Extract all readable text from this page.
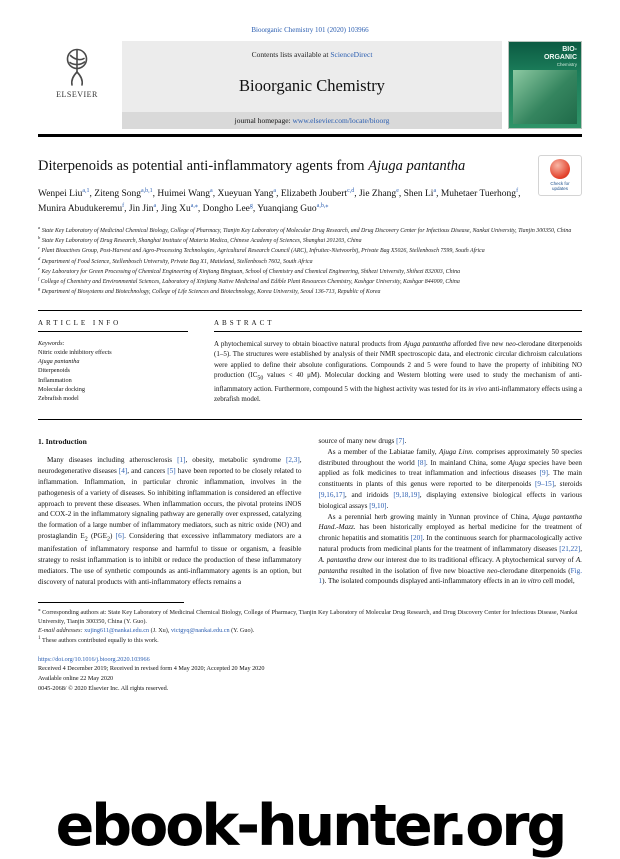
Bioorganic Chemistry 101 (2020) 103966
ELSEVIER
Contents lists available at ScienceDirect
Bioorganic Chemistry
journal homepage: www.elsevier.com/locate/bioorg
BIO-
ORGANIC
Chemistry
Diterpenoids as potential anti-inflammatory agents from Ajuga pantantha
Check for
updates
Wenpei Liu$^{a,1}$, Ziteng Song$^{a,b,1}$, Huimei Wang$^a$, Xueyuan Yang$^a$, Elizabeth Joubert$^{c,d}$, Jie Zhang$^e$, Shen Li$^a$, Muhetaer Tuerhong$^f$, Munira Abudukeremu$^f$, Jin Jin$^a$, Jing $Xu^{a,⁎}$, Dongho Lee$^g$, Yuanqiang Guo$^{a,b,⁎}$
$^a$ State Key Laboratory of Medicinal Chemical Biology, College of Pharmacy, Tianjin Key Laboratory of Molecular Drug Research, and Drug Discovery Center for Infectious Disease, Nankai University, Tianjin 300350, China
$^b$ State Key Laboratory of Drug Research, Shanghai Institute of Materia Medica, Chinese Academy of Sciences, Shanghai 201203, China
$^c$ Plant Bioactives Group, Post-Harvest and Agro-Processing Technologies, Agricultural Research Council (ARC), Infruitec-Nietvoorbij, Private Bag X5026, Stellenbosch 7599, South Africa
$^d$ Department of Food Science, Stellenbosch University, Private Bag X1, Matieland, Stellenbosch 7602, South Africa
$^e$ Key Laboratory for Green Processing of Chemical Engineering of Xinjiang Bingtuan, School of Chemistry and Chemical Engineering, Shihezi University, Shihezi 832003, China
$^f$ College of Chemistry and Environmental Sciences, Laboratory of Xinjiang Native Medicinal and Edible Plant Resources Chemistry, Kashgar University, Kashgar 844000, China
$^g$ Department of Biosystems and Biotechnology, College of Life Sciences and Biotechnology, Korea University, Seoul 136-713, Republic of Korea
ARTICLE INFO
Keywords:
Nitric oxide inhibitory effects
Ajuga pantantha
Diterpenoids
Inflammation
Molecular docking
Zebrafish model
ABSTRACT
A phytochemical survey to obtain bioactive natural products from Ajuga pantantha afforded five new neo-clerodane diterpenoids (1–5). The structures were established by analysis of their NMR spectroscopic data, and electronic circular dichroism calculations were applied to define their absolute configurations. Compounds 2 and 5 were found to have the property of inhibiting NO production ($IC_{50}$ values < 40 μM). Molecular docking and Western blotting were used to study the mechanism of anti-inflammatory action. Furthermore, compound 5 with the highest activity was tested for its in vivo anti-inflammatory effects using a zebrafish model.
1. Introduction

Many diseases including atherosclerosis [1], obesity, metabolic syndrome [2,3], neurodegenerative diseases [4], and cancers [5] have been reported to be closely related to inflammation. Inflammation, in particular chronic inflammation, involves in the pathogenesis of a variety of diseases. So inhibiting inflammation is considered an effective approach to prevent these diseases. When inflammation occurs, the pivotal proteins iNOS and COX-2 in the inflammatory signaling pathway are generally over expressed, catalyzing the formation of a large number of inflammatory mediators, such as nitric oxide (NO) and prostaglandin $E_2$ $(PGE_2)$ [6]. Considering that excessive inflammatory mediators are a manifestation of inflammatory response and harmful to tissue or organism, a feasible strategy to resist inflammation is to inhibit or reduce the production of these inflammatory mediators. The use of synthetic compounds as anti-inflammatory agents is an option, but discovery of natural products with anti-inflammatory effects remains a

source of many new drugs [7].

As a member of the Labiatae family, Ajuga Linn. comprises approximately 50 species distributed throughout the world [8]. In mainland China, some Ajuga species have been applied as folk medicines to treat inflammation and infectious diseases [9]. The main constituents in plants of this genus were reported to be diterpenoids [9–15], steroids [9,16,17], and iridoids [9,18,19], displaying extensive biological effects in various biological assays [9,10].

As a perennial herb growing mainly in Yunnan province of China, Ajuga pantantha Hand.-Mazz. has been historically employed as herbal medicine for the treatment of chronic hepatitis and stomatitis [20]. In the continuous search for pharmacologically active natural products from medicinal plants for the treatment of inflammatory diseases [21,22], A. pantantha drew our interest due to its traditional efficacy. A phytochemical survey of A. pantantha resulted in the isolation of five new bioactive neo-clerodane diterpenoids (Fig. 1). The isolated compounds displayed anti-inflammatory effects in an in vitro cell model,

⁎ Corresponding authors at: State Key Laboratory of Medicinal Chemical Biology, College of Pharmacy, Tianjin Key Laboratory of Molecular Drug Research, and Drug Discovery Center for Infectious Disease, Nankai University, Tianjin 300350, China (Y. Guo).

E-mail addresses: xujing611@nankai.edu.cn (J. Xu), victgyq@nankai.edu.cn (Y. Guo).

$^1$ These authors contributed equally to this work.

https://doi.org/10.1016/j.bioorg.2020.103966
Received 4 December 2019; Received in revised form 4 May 2020; Accepted 20 May 2020
Available online 22 May 2020
0045-2068/ © 2020 Elsevier Inc. All rights reserved.
ebook-hunter.org
